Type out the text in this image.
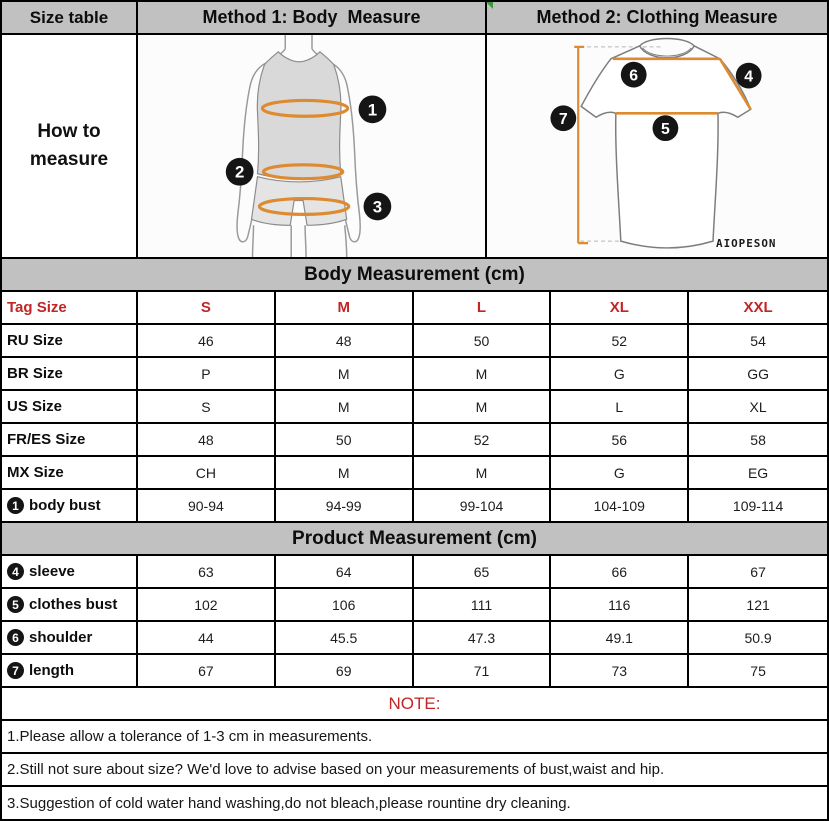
Size table	Method 1: Body  Measure	Method 2: Clothing Measure
How to measure
1
2
3
6	4
7
5
AIOPESON
Body Measurement (cm)
Tag Size	S	M	L	XL	XXL
RU Size	46	48	50	52	54
BR Size	P	M	M	G	GG
US Size	S	M	M	L	XL
FR/ES Size	48	50	52	56	58
MX Size	CH	M	M	G	EG
1 body bust	90-94	94-99	99-104	104-109	109-114
Product Measurement (cm)
4 sleeve	63	64	65	66	67
5 clothes bust	102	106	111	116	121
6 shoulder	44	45.5	47.3	49.1	50.9
7 length	67	69	71	73	75
NOTE:
1.Please allow a tolerance of 1-3 cm in measurements.
2.Still not sure about size? We'd love to advise based on your measurements of bust,waist and hip.
3.Suggestion of cold water hand washing,do not bleach,please rountine dry cleaning.
